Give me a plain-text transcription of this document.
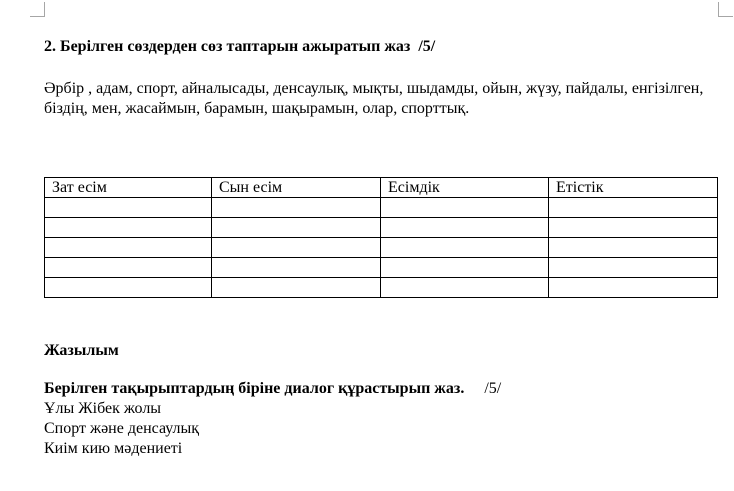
2. Берілген сөздерден сөз таптарын ажыратып жаз /5/

Әрбір , адам, спорт, айналысады, денсаулық, мықты, шыдамды, ойын, жүзу, пайдалы, енгізілген, біздің, мен, жасаймын, барамын, шақырамын, олар, спорттық.

Зат есім	Сын есім	Есімдік	Етістік

Жазылым

Берілген тақырыптардың біріне диалог құрастырып жаз. /5/

Ұлы Жібек жолы
Спорт және денсаулық
Киім кию мәдениеті
